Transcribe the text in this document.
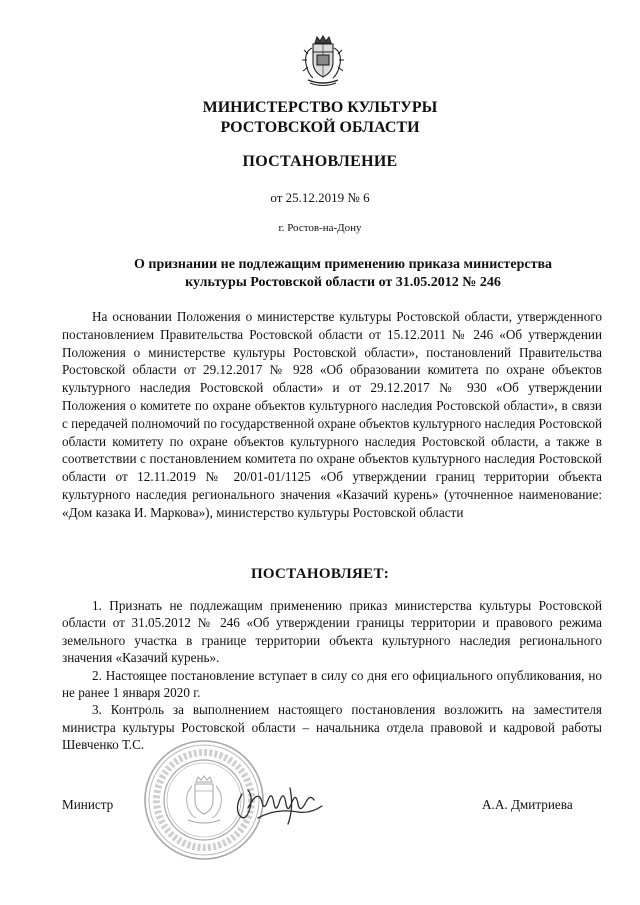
МИНИСТЕРСТВО КУЛЬТУРЫ
РОСТОВСКОЙ ОБЛАСТИ
ПОСТАНОВЛЕНИЕ
от 25.12.2019 № 6
г. Ростов-на-Дону
О признании не подлежащим применению приказа министерства
культуры Ростовской области от 31.05.2012 № 246

На основании Положения о министерстве культуры Ростовской области, утвержденного постановлением Правительства Ростовской области от 15.12.2011 № 246 «Об утверждении Положения о министерстве культуры Ростовской области», постановлений Правительства Ростовской области от 29.12.2017 № 928 «Об образовании комитета по охране объектов культурного наследия Ростовской области» и от 29.12.2017 № 930 «Об утверждении Положения о комитете по охране объектов культурного наследия Ростовской области», в связи с передачей полномочий по государственной охране объектов культурного наследия Ростовской области комитету по охране объектов культурного наследия Ростовской области, а также в соответствии с постановлением комитета по охране объектов культурного наследия Ростовской области от 12.11.2019 № 20/01-01/1125 «Об утверждении границ территории объекта культурного наследия регионального значения «Казачий курень» (уточненное наименование: «Дом казака И. Маркова»), министерство культуры Ростовской области

ПОСТАНОВЛЯЕТ:

1. Признать не подлежащим применению приказ министерства культуры Ростовской области от 31.05.2012 № 246 «Об утверждении границы территории и правового режима земельного участка в границе территории объекта культурного наследия регионального значения «Казачий курень».

2. Настоящее постановление вступает в силу со дня его официального опубликования, но не ранее 1 января 2020 г.

3. Контроль за выполнением настоящего постановления возложить на заместителя министра культуры Ростовской области – начальника отдела правовой и кадровой работы Шевченко Т.С.

Министр	А.А. Дмитриева
